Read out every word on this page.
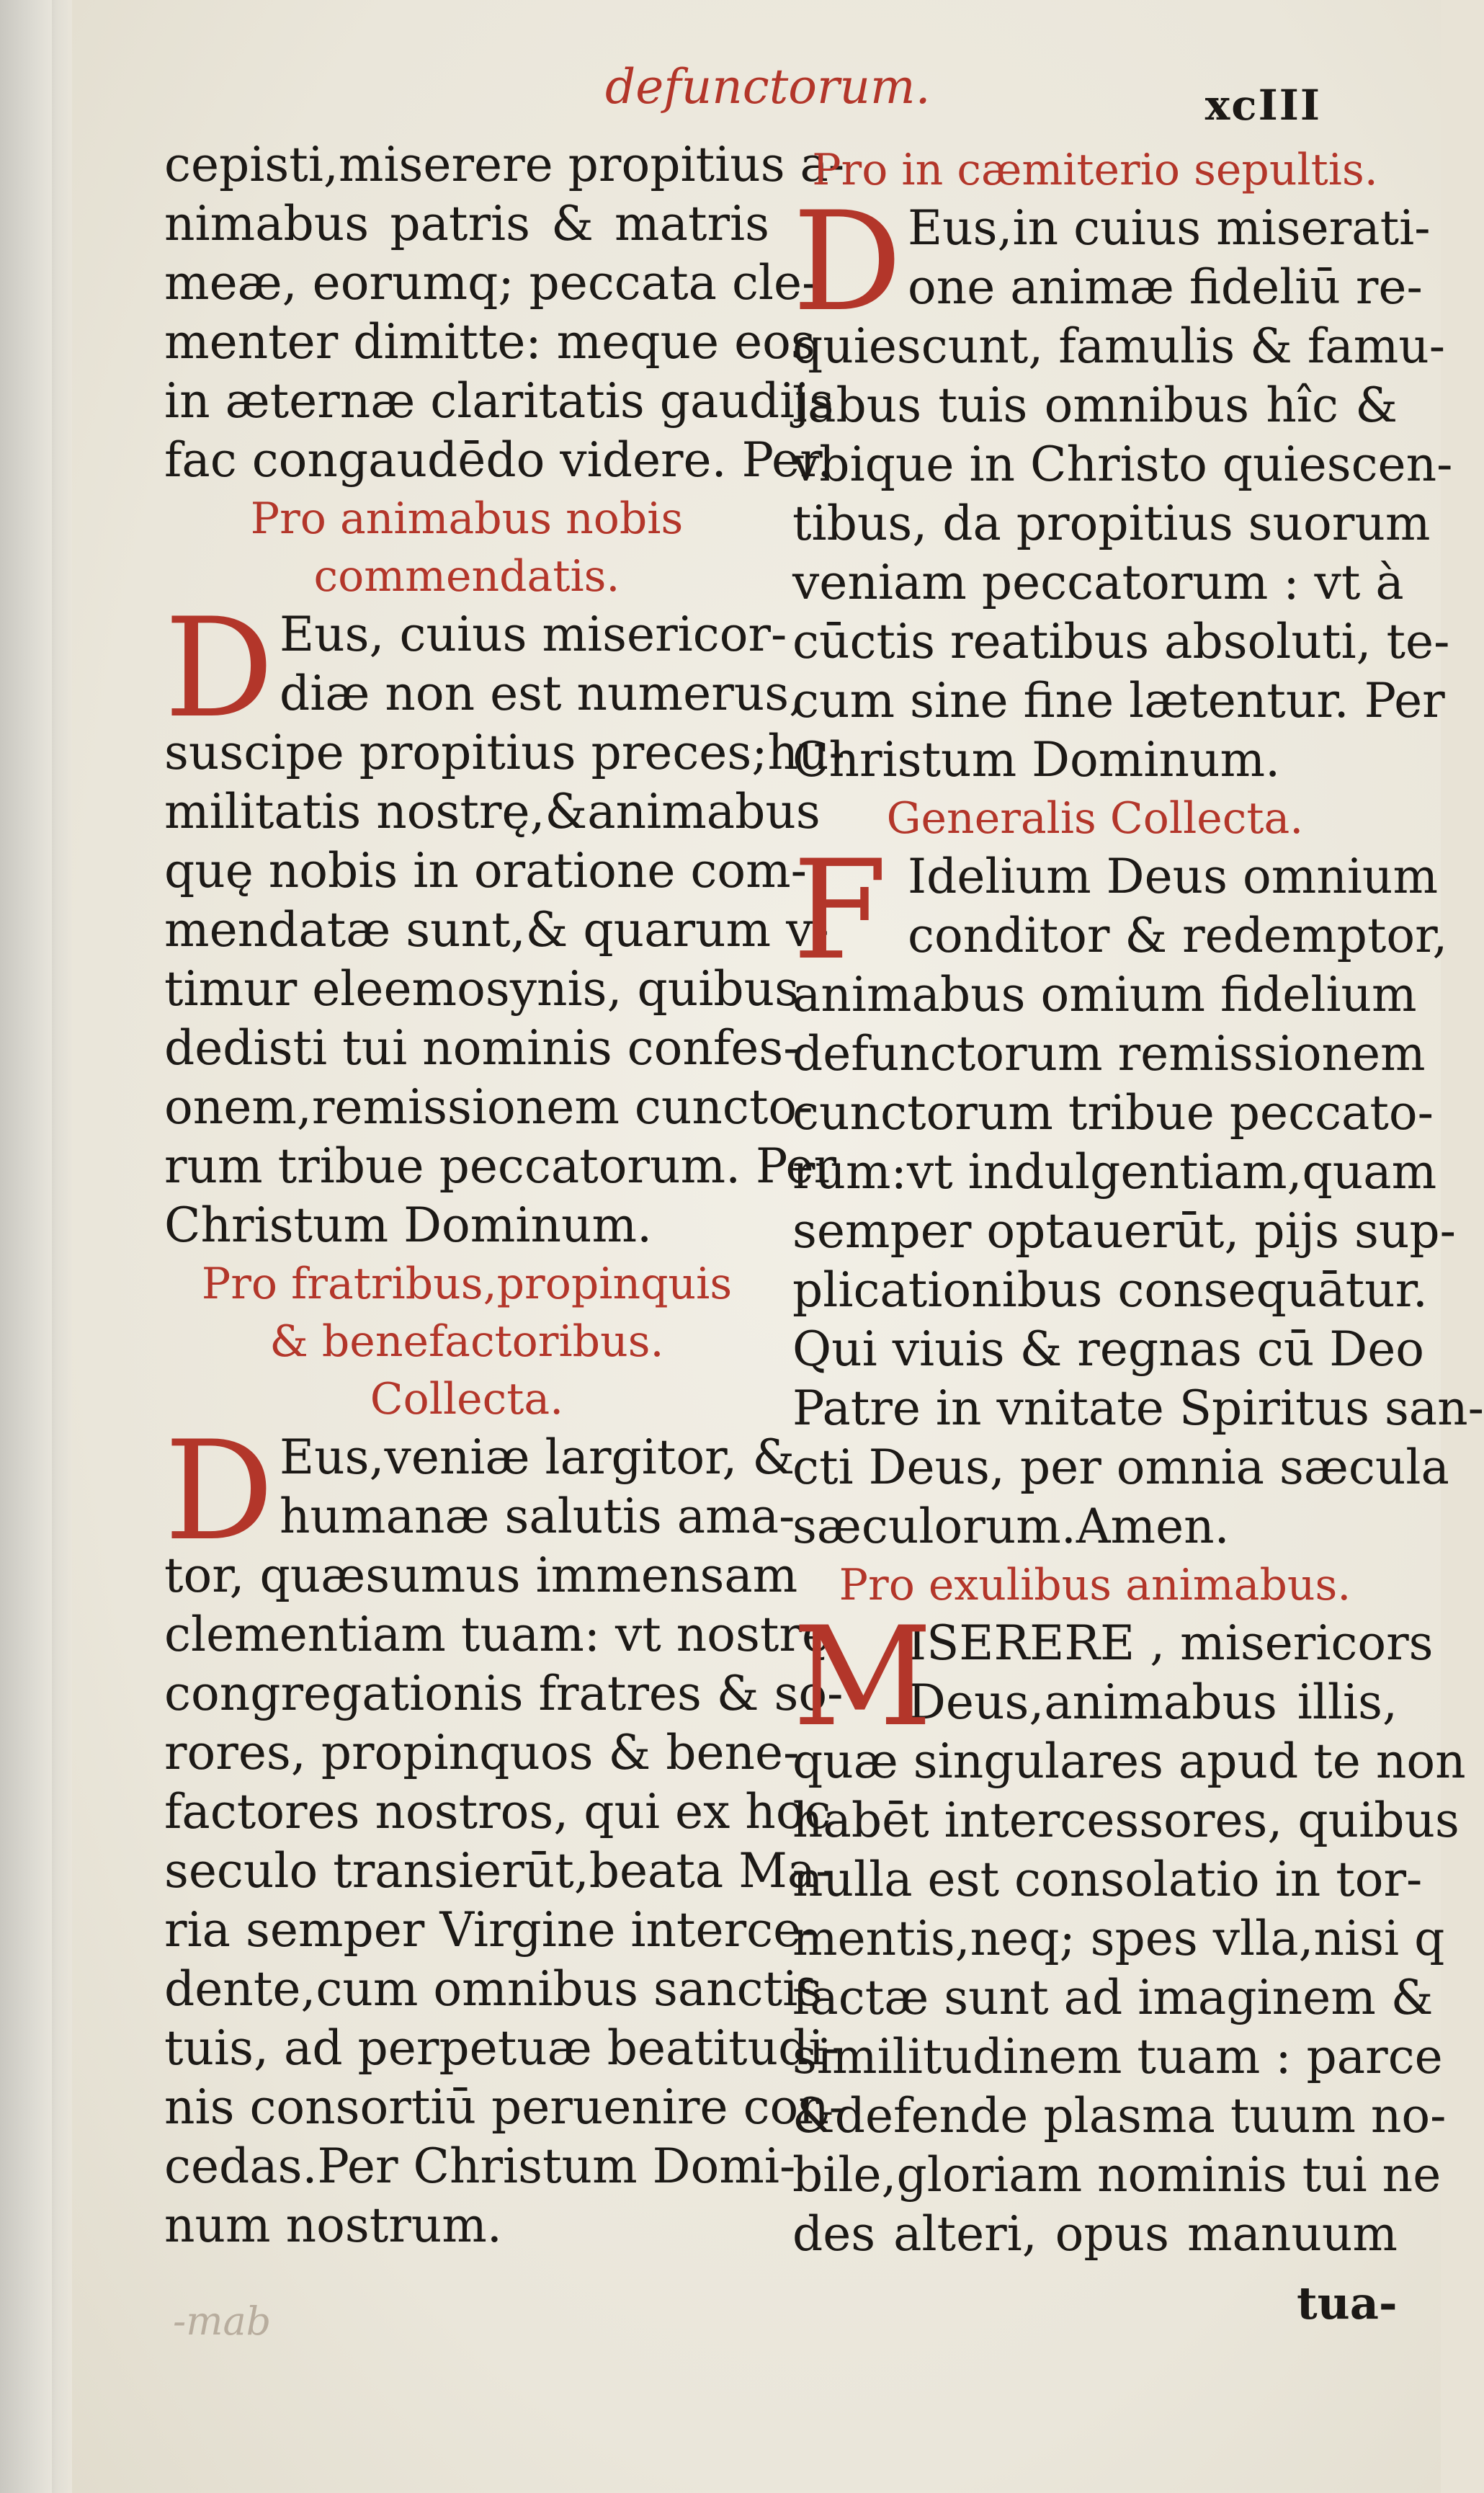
defunctorum.	xcIII
cepisti,miserere propitius a-
nimabus patris & matris
meæ, eorumq; peccata cle-
menter dimitte: meque eos
in æternæ claritatis gaudijs
fac congaudēdo videre. Per.
Pro animabus nobis
commendatis.
D Eus, cuius misericor-
diæ non est numerus,
suscipe propitius preces;hu-
militatis nostrę,&animabus
quę nobis in oratione com-
mendatæ sunt,& quarum v-
timur eleemosynis, quibus
dedisti tui nominis confes-
onem,remissionem cuncto-
rum tribue peccatorum. Per
Christum Dominum.
Pro fratribus,propinquis
& benefactoribus.
Collecta.
D Eus,veniæ largitor, &
humanæ salutis ama-
tor, quæsumus immensam
clementiam tuam: vt nostrę
congregationis fratres & so-
rores, propinquos & bene-
factores nostros, qui ex hoc
seculo transierūt,beata Ma-
ria semper Virgine interce-
dente,cum omnibus sanctis
tuis, ad perpetuæ beatitudi-
nis consortiū peruenire con-
cedas.Per Christum Domi-
num nostrum.
Pro in cæmiterio sepultis.
D Eus,in cuius miserati-
one animæ fideliū re-
quiescunt, famulis & famu-
labus tuis omnibus hîc &
vbique in Christo quiescen-
tibus, da propitius suorum
veniam peccatorum : vt à
cūctis reatibus absoluti, te-
cum sine fine lætentur. Per
Christum Dominum.
Generalis Collecta.
F Idelium Deus omnium
conditor & redemptor,
animabus omium fidelium
defunctorum remissionem
cunctorum tribue peccato-
rum:vt indulgentiam,quam
semper optauerūt, pijs sup-
plicationibus consequātur.
Qui viuis & regnas cū Deo
Patre in vnitate Spiritus san-
cti Deus, per omnia sæcula
sæculorum.Amen.
Pro exulibus animabus.
M
ISERERE , misericors
Deus,animabus illis,
quæ singulares apud te non
habēt intercessores, quibus
nulla est consolatio in tor-
mentis,neq; spes vlla,nisi q
factæ sunt ad imaginem &
similitudinem tuam : parce
&defende plasma tuum no-
bile,gloriam nominis tui ne
des alteri, opus manuum
-mab	tua-
